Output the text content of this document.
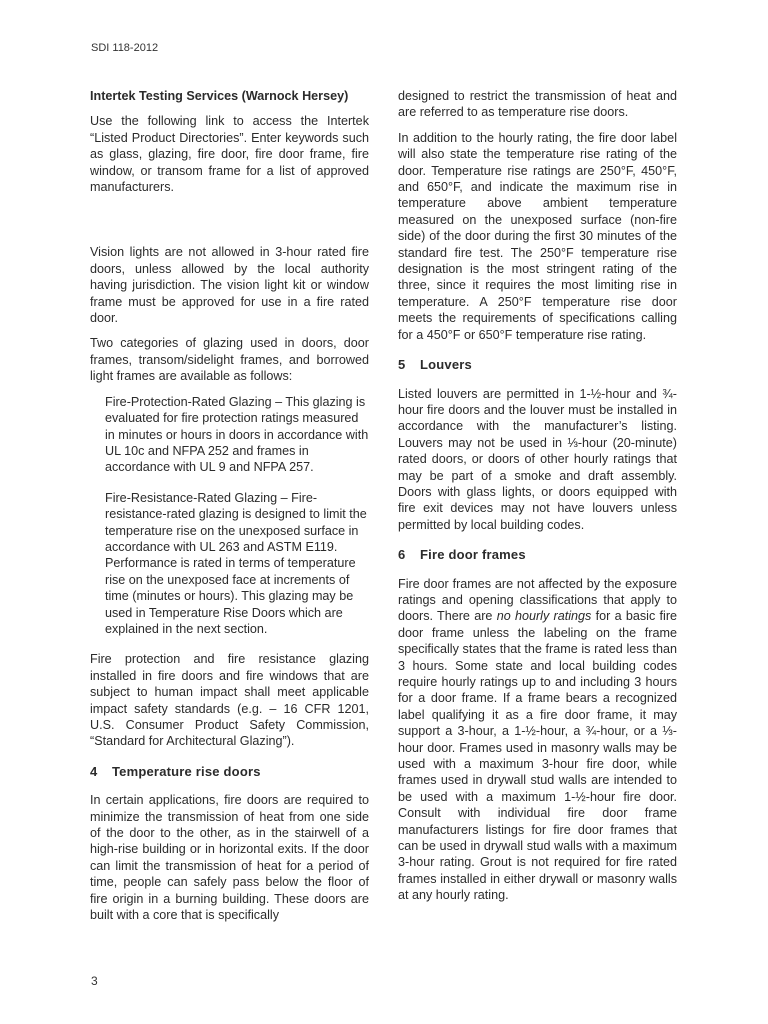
SDI 118-2012

Intertek Testing Services (Warnock Hersey)

Use the following link to access the Intertek “Listed Product Directories”. Enter keywords such as glass, glazing, fire door, fire door frame, fire window, or transom frame for a list of approved manufacturers.

Vision lights are not allowed in 3-hour rated fire doors, unless allowed by the local authority having jurisdiction. The vision light kit or window frame must be approved for use in a fire rated door.

Two categories of glazing used in doors, door frames, transom/sidelight frames, and borrowed light frames are available as follows:

Fire-Protection-Rated Glazing – This glazing is evaluated for fire protection ratings measured in minutes or hours in doors in accordance with UL 10c and NFPA 252 and frames in accordance with UL 9 and NFPA 257.

Fire-Resistance-Rated Glazing – Fire-resistance-rated glazing is designed to limit the temperature rise on the unexposed surface in accordance with UL 263 and ASTM E119. Performance is rated in terms of temperature rise on the unexposed face at increments of time (minutes or hours). This glazing may be used in Temperature Rise Doors which are explained in the next section.

Fire protection and fire resistance glazing installed in fire doors and fire windows that are subject to human impact shall meet applicable impact safety standards (e.g. – 16 CFR 1201, U.S. Consumer Product Safety Commission, “Standard for Architectural Glazing”).

4 Temperature rise doors

In certain applications, fire doors are required to minimize the transmission of heat from one side of the door to the other, as in the stairwell of a high-rise building or in horizontal exits. If the door can limit the transmission of heat for a period of time, people can safely pass below the floor of fire origin in a burning building. These doors are built with a core that is specifically

designed to restrict the transmission of heat and are referred to as temperature rise doors.

In addition to the hourly rating, the fire door label will also state the temperature rise rating of the door. Temperature rise ratings are 250°F, 450°F, and 650°F, and indicate the maximum rise in temperature above ambient temperature measured on the unexposed surface (non-fire side) of the door during the first 30 minutes of the standard fire test. The 250°F temperature rise designation is the most stringent rating of the three, since it requires the most limiting rise in temperature. A 250°F temperature rise door meets the requirements of specifications calling for a 450°F or 650°F temperature rise rating.

5 Louvers

Listed louvers are permitted in 1-½-hour and ¾-hour fire doors and the louver must be installed in accordance with the manufacturer’s listing. Louvers may not be used in ⅓-hour (20-minute) rated doors, or doors of other hourly ratings that may be part of a smoke and draft assembly. Doors with glass lights, or doors equipped with fire exit devices may not have louvers unless permitted by local building codes.

6 Fire door frames

Fire door frames are not affected by the exposure ratings and opening classifications that apply to doors. There are no hourly ratings for a basic fire door frame unless the labeling on the frame specifically states that the frame is rated less than 3 hours. Some state and local building codes require hourly ratings up to and including 3 hours for a door frame. If a frame bears a recognized label qualifying it as a fire door frame, it may support a 3-hour, a 1-½-hour, a ¾-hour, or a ⅓-hour door. Frames used in masonry walls may be used with a maximum 3-hour fire door, while frames used in drywall stud walls are intended to be used with a maximum 1-½-hour fire door. Consult with individual fire door frame manufacturers listings for fire door frames that can be used in drywall stud walls with a maximum 3-hour rating. Grout is not required for fire rated frames installed in either drywall or masonry walls at any hourly rating.

3
